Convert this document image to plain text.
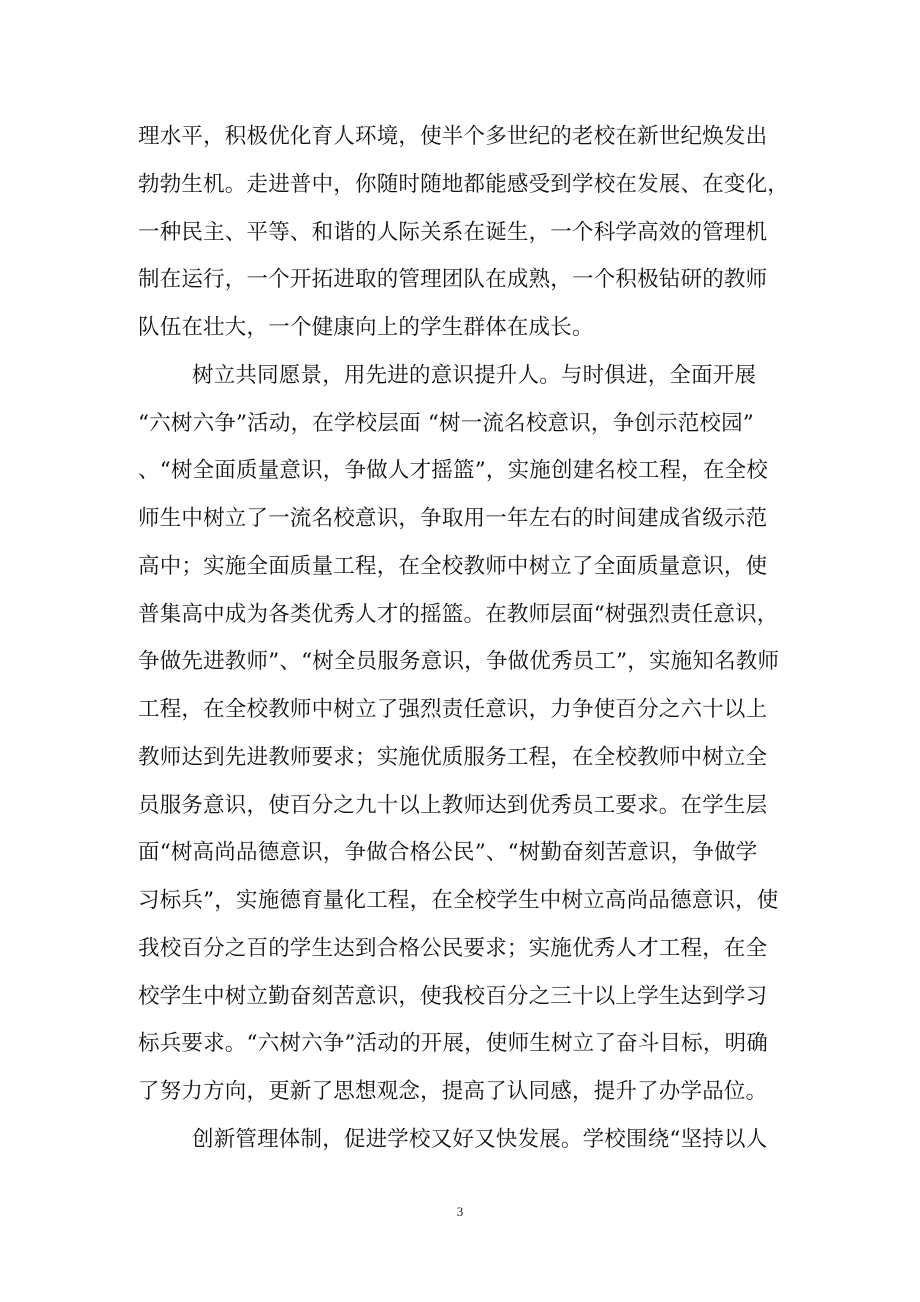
理水平，积极优化育人环境，使半个多世纪的老校在新世纪焕发出
勃勃生机。走进普中，你随时随地都能感受到学校在发展、在变化，
一种民主、平等、和谐的人际关系在诞生，一个科学高效的管理机
制在运行，一个开拓进取的管理团队在成熟，一个积极钻研的教师
队伍在壮大，一个健康向上的学生群体在成长。
树立共同愿景，用先进的意识提升人。与时俱进，全面开展
“六树六争”活动，在学校层面 “树一流名校意识，争创示范校园”
、“树全面质量意识，争做人才摇篮”，实施创建名校工程，在全校
师生中树立了一流名校意识，争取用一年左右的时间建成省级示范
高中；实施全面质量工程，在全校教师中树立了全面质量意识，使
普集高中成为各类优秀人才的摇篮。在教师层面“树强烈责任意识，
争做先进教师”、“树全员服务意识，争做优秀员工”，实施知名教师
工程，在全校教师中树立了强烈责任意识，力争使百分之六十以上
教师达到先进教师要求；实施优质服务工程，在全校教师中树立全
员服务意识，使百分之九十以上教师达到优秀员工要求。在学生层
面“树高尚品德意识，争做合格公民”、“树勤奋刻苦意识，争做学
习标兵”，实施德育量化工程，在全校学生中树立高尚品德意识，使
我校百分之百的学生达到合格公民要求；实施优秀人才工程，在全
校学生中树立勤奋刻苦意识，使我校百分之三十以上学生达到学习
标兵要求。“六树六争”活动的开展，使师生树立了奋斗目标，明确
了努力方向，更新了思想观念，提高了认同感，提升了办学品位。
创新管理体制，促进学校又好又快发展。学校围绕“坚持以人
3
